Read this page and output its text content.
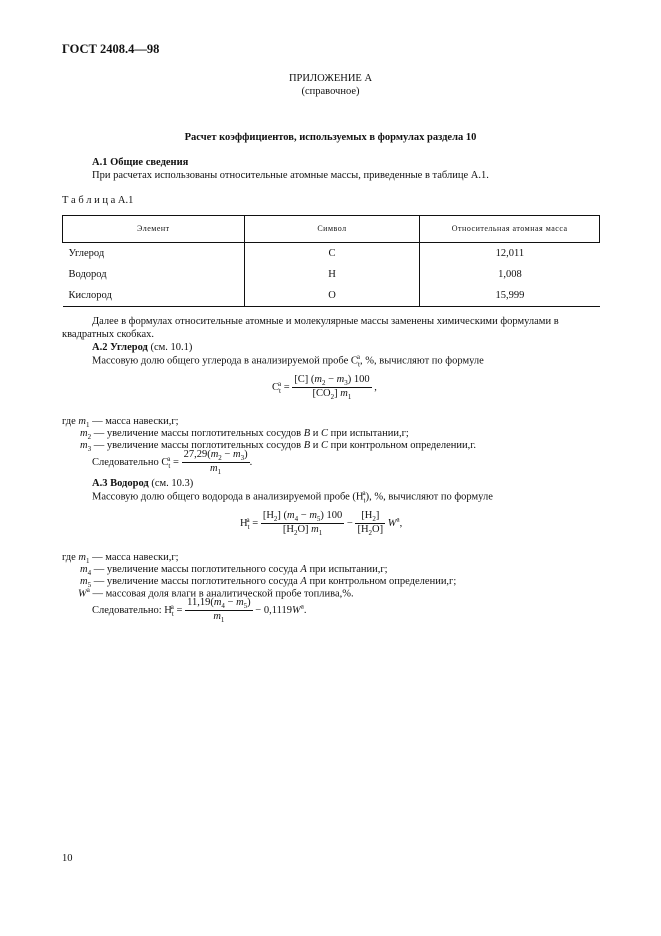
ГОСТ 2408.4—98
ПРИЛОЖЕНИЕ А
(справочное)
Расчет коэффициентов, используемых в формулах раздела 10
А.1 Общие сведения
При расчетах использованы относительные атомные массы, приведенные в таблице А.1.
Т а б л и ц а А.1
Элемент	Символ	Относительная атомная масса
Углерод	C	12,011
Водород	H	1,008
Кислород	O	15,999
Далее в формулах относительные атомные и молекулярные массы заменены химическими формулами в
квадратных скобках.
А.2 Углерод (см. 10.1)
Массовую долю общего углерода в анализируемой пробе $C_t^a$, %, вычисляют по формуле
$C_t^a = \frac{[C] (m_2 - m_3) 100}{[CO_2] m_1}$ ,
где $m_1$ — масса навески,г;
$m_2$ — увеличение массы поглотительных сосудов B и C при испытании,г;
$m_3$ — увеличение массы поглотительных сосудов B и C при контрольном определении,г.
Следовательно $C_t^a = \frac{27,29(m_2 - m_3)}{m_1}$ .
А.3 Водород (см. 10.3)
Массовую долю общего водорода в анализируемой пробе $(H_t^a)$, %, вычисляют по формуле
$H_t^a = \frac{[H_2] (m_4 - m_5) 100}{[H_2O] m_1} - \frac{[H_2]}{[H_2O]} W^a$,
где $m_1$ — масса навески,г;
$m_4$ — увеличение массы поглотительного сосуда A при испытании,г;
$m_5$ — увеличение массы поглотительного сосуда A при контрольном определении,г;
$W^a$ — массовая доля влаги в аналитической пробе топлива,%.
Следовательно: $H_t^a = \frac{11,19(m_4 - m_5)}{m_1} - 0,1119W^a$.
10
